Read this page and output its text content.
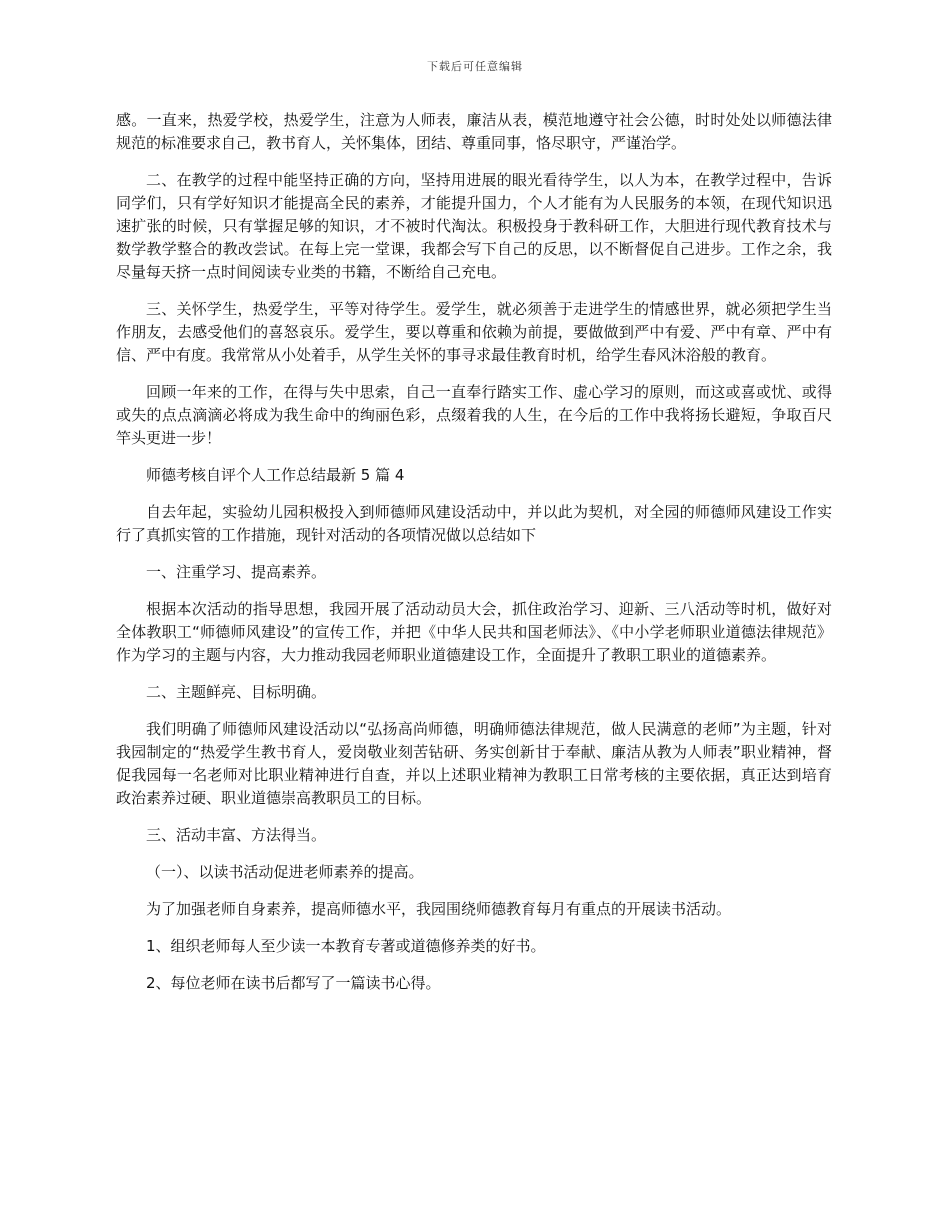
下载后可任意编辑

感。一直来，热爱学校，热爱学生，注意为人师表，廉洁从表，模范地遵守社会公德，时时处处以师德法律规范的标准要求自己，教书育人，关怀集体，团结、尊重同事，恪尽职守，严谨治学。

二、在教学的过程中能坚持正确的方向，坚持用进展的眼光看待学生，以人为本，在教学过程中，告诉同学们，只有学好知识才能提高全民的素养，才能提升国力，个人才能有为人民服务的本领，在现代知识迅速扩张的时候，只有掌握足够的知识，才不被时代淘汰。积极投身于教科研工作，大胆进行现代教育技术与数学教学整合的教改尝试。在每上完一堂课，我都会写下自己的反思，以不断督促自己进步。工作之余，我尽量每天挤一点时间阅读专业类的书籍，不断给自己充电。

三、关怀学生，热爱学生，平等对待学生。爱学生，就必须善于走进学生的情感世界，就必须把学生当作朋友，去感受他们的喜怒哀乐。爱学生，要以尊重和依赖为前提，要做做到严中有爱、严中有章、严中有信、严中有度。我常常从小处着手，从学生关怀的事寻求最佳教育时机，给学生春风沐浴般的教育。

回顾一年来的工作，在得与失中思索，自己一直奉行踏实工作、虚心学习的原则，而这或喜或忧、或得或失的点点滴滴必将成为我生命中的绚丽色彩，点缀着我的人生，在今后的工作中我将扬长避短，争取百尺竿头更进一步！

师德考核自评个人工作总结最新 5 篇 4

自去年起，实验幼儿园积极投入到师德师风建设活动中，并以此为契机，对全园的师德师风建设工作实行了真抓实管的工作措施，现针对活动的各项情况做以总结如下

一、注重学习、提高素养。

根据本次活动的指导思想，我园开展了活动动员大会，抓住政治学习、迎新、三八活动等时机，做好对全体教职工“师德师风建设”的宣传工作，并把《中华人民共和国老师法》、《中小学老师职业道德法律规范》作为学习的主题与内容，大力推动我园老师职业道德建设工作，全面提升了教职工职业的道德素养。

二、主题鲜亮、目标明确。

我们明确了师德师风建设活动以“弘扬高尚师德，明确师德法律规范，做人民满意的老师”为主题，针对我园制定的“热爱学生教书育人，爱岗敬业刻苦钻研、务实创新甘于奉献、廉洁从教为人师表”职业精神，督促我园每一名老师对比职业精神进行自查，并以上述职业精神为教职工日常考核的主要依据，真正达到培育政治素养过硬、职业道德崇高教职员工的目标。

三、活动丰富、方法得当。

（一）、以读书活动促进老师素养的提高。

为了加强老师自身素养，提高师德水平，我园围绕师德教育每月有重点的开展读书活动。

1、组织老师每人至少读一本教育专著或道德修养类的好书。

2、每位老师在读书后都写了一篇读书心得。
